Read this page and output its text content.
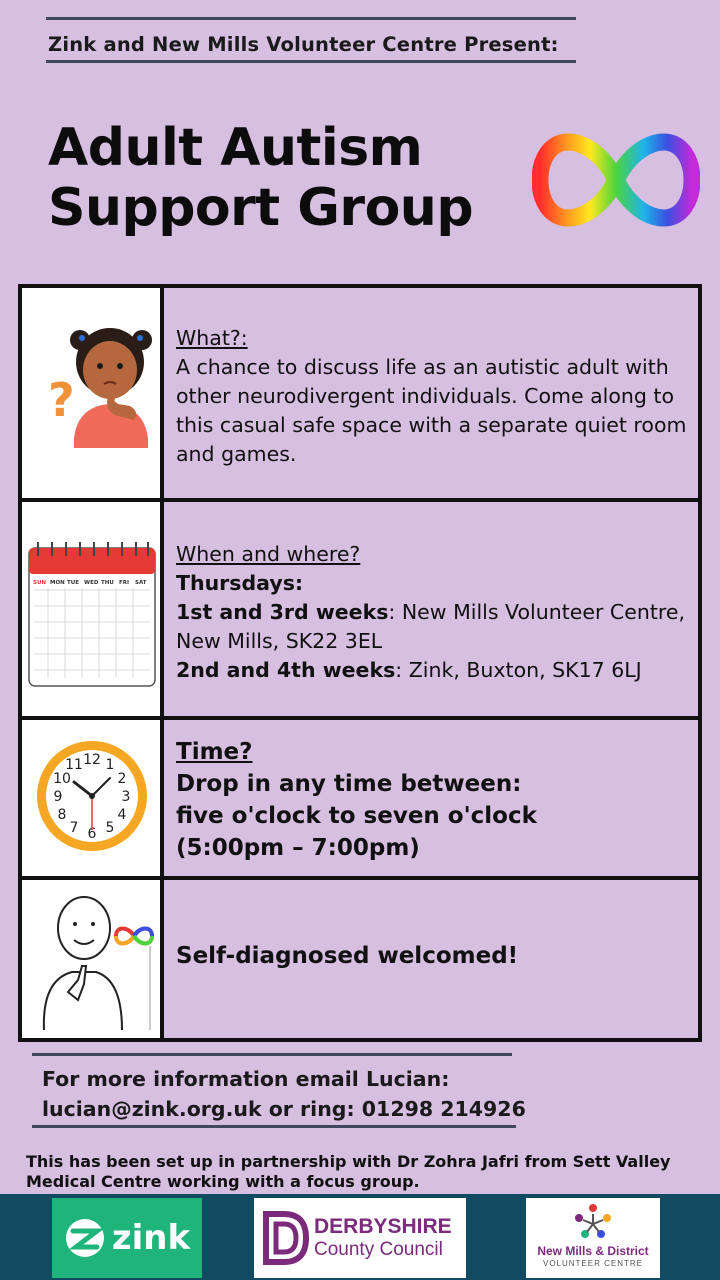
Zink and New Mills Volunteer Centre Present:
Adult Autism
Support Group
?
What?:
A chance to discuss life as an autistic adult with other neurodivergent individuals. Come along to this casual safe space with a separate quiet room and games.
SUN MON TUE WED THU FRI SAT
When and where?
Thursdays:
1st and 3rd weeks: New Mills Volunteer Centre, New Mills, SK22 3EL
2nd and 4th weeks: Zink, Buxton, SK17 6LJ
12 1
2
3
4
5
6
7
8
9
10
11	Time?
Drop in any time between:
five o'clock to seven o'clock
(5:00pm – 7:00pm)
Self-diagnosed welcomed!
For more information email Lucian:
lucian@zink.org.uk or ring: 01298 214926
This has been set up in partnership with Dr Zohra Jafri from Sett Valley Medical Centre working with a focus group.
zink	DERBYSHIRE
County Council	New Mills & District
VOLUNTEER CENTRE
